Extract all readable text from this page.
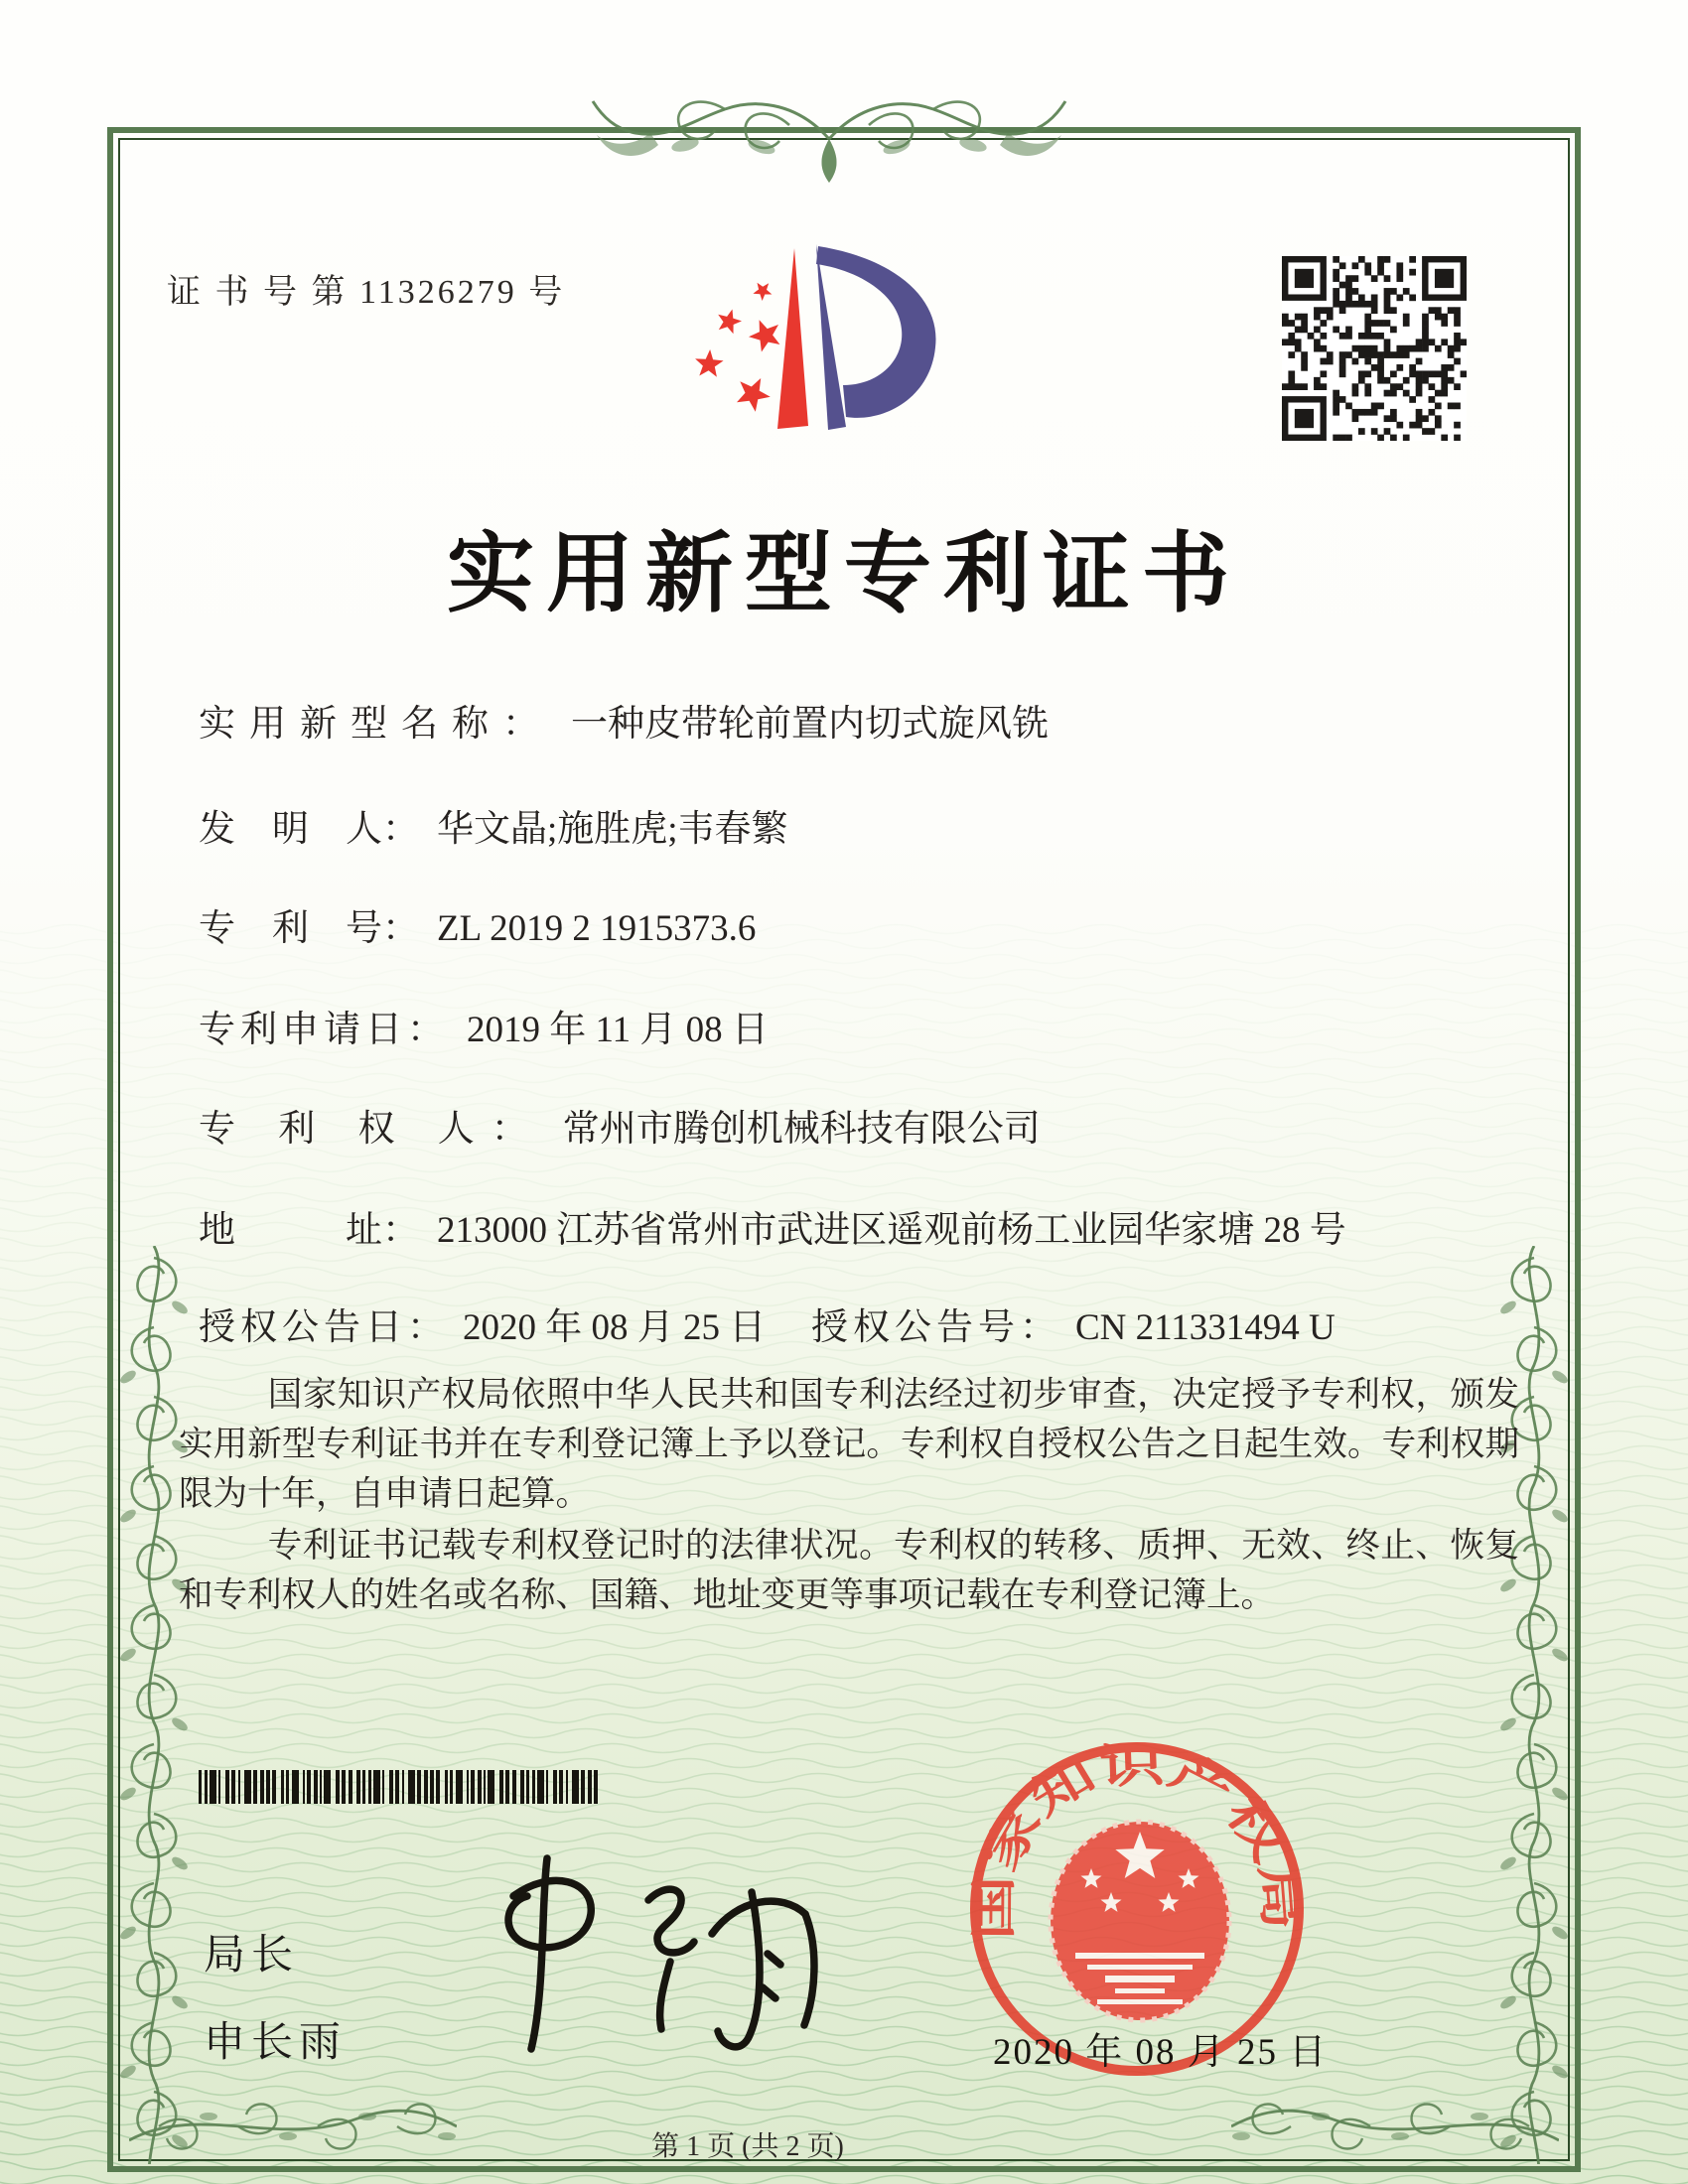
证 书 号 第 11326279 号
实用新型专利证书
实用新型名称： 一种皮带轮前置内切式旋风铣
发　明　人： 华文晶;施胜虎;韦春繁
专　利　号： ZL 2019 2 1915373.6
专利申请日： 2019 年 11 月 08 日
专 利 权 人： 常州市腾创机械科技有限公司
地　　　址： 213000 江苏省常州市武进区遥观前杨工业园华家塘 28 号
授权公告日： 2020 年 08 月 25 日 授权公告号： CN 211331494 U

国家知识产权局依照中华人民共和国专利法经过初步审查，决定授予专利权，颁发实用新型专利证书并在专利登记簿上予以登记。专利权自授权公告之日起生效。专利权期限为十年，自申请日起算。

专利证书记载专利权登记时的法律状况。专利权的转移、质押、无效、终止、恢复和专利权人的姓名或名称、国籍、地址变更等事项记载在专利登记簿上。

局长
申长雨
国家知识产权局
2020 年 08 月 25 日
第 1 页 (共 2 页)
